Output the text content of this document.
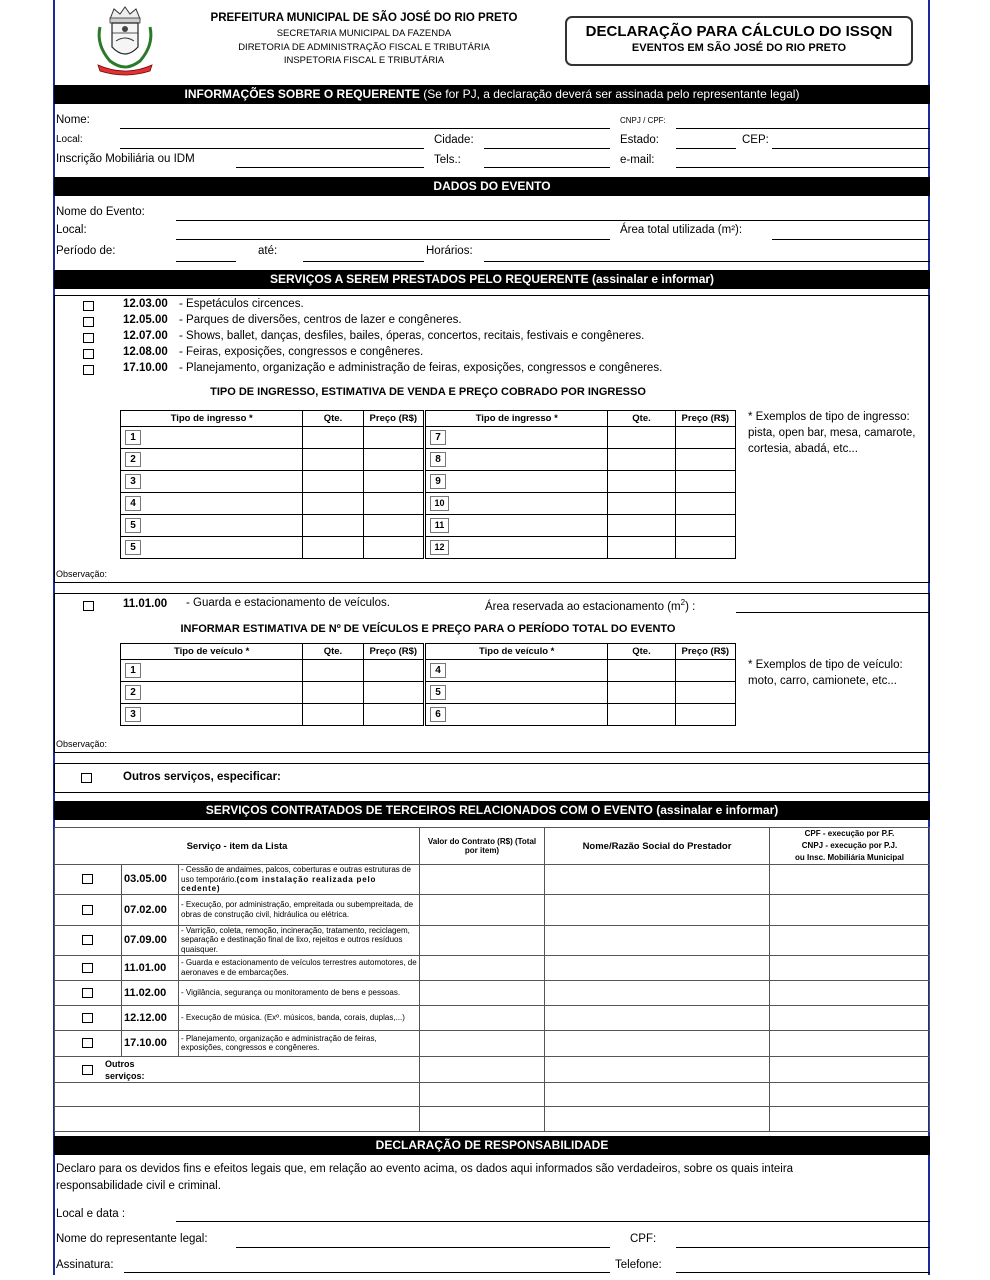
PREFEITURA MUNICIPAL DE SÃO JOSÉ DO RIO PRETO
SECRETARIA MUNICIPAL DA FAZENDA
DIRETORIA DE ADMINISTRAÇÃO FISCAL E TRIBUTÁRIA
INSPETORIA FISCAL E TRIBUTÁRIA
DECLARAÇÃO PARA CÁLCULO DO ISSQN
EVENTOS EM SÃO JOSÉ DO RIO PRETO
INFORMAÇÕES SOBRE O REQUERENTE (Se for PJ, a declaração deverá ser assinada pelo representante legal)
Nome:	CNPJ / CPF:
Local:	Cidade:	Estado:	CEP:
Inscrição Mobiliária ou IDM	Tels.:	e-mail:
DADOS DO EVENTO
Nome do Evento:
Local:	Área total utilizada (m²):
Período de:	até:	Horários:
SERVIÇOS A SEREM PRESTADOS PELO REQUERENTE (assinalar e informar)
12.03.00 - Espetáculos circences.
12.05.00 - Parques de diversões, centros de lazer e congêneres.
12.07.00 - Shows, ballet, danças, desfiles, bailes, óperas, concertos, recitais, festivais e congêneres.
12.08.00 - Feiras, exposições, congressos e congêneres.
17.10.00 - Planejamento, organização e administração de feiras, exposições, congressos e congêneres.
TIPO DE INGRESSO, ESTIMATIVA DE VENDA E PREÇO COBRADO POR INGRESSO
Tipo de ingresso *	Qte.	Preço (R$)
1		
2		
3		
4		
5		
5		
Tipo de ingresso *	Qte.	Preço (R$)
7		
8		
9		
10		
11		
12		
* Exemplos de tipo de ingresso: pista, open bar, mesa, camarote, cortesia, abadá, etc...
Observação:
11.01.00 - Guarda e estacionamento de veículos.	Área reservada ao estacionamento $(m^2)$ :
INFORMAR ESTIMATIVA DE Nº DE VEÍCULOS E PREÇO PARA O PERÍODO TOTAL DO EVENTO
Tipo de veículo *	Qte.	Preço (R$)
1		
2		
3		
Tipo de veículo *	Qte.	Preço (R$)
4		
5		
6		
* Exemplos de tipo de veículo: moto, carro, camionete, etc...
Observação:
Outros serviços, especificar:
SERVIÇOS CONTRATADOS DE TERCEIROS RELACIONADOS COM O EVENTO (assinalar e informar)
Serviço - item da Lista			Valor do Contrato (R$) (Total por item)	Nome/Razão Social do Prestador	CPF - execução por P.F.
CNPJ - execução por P.J.
ou Insc. Mobiliária Municipal

	03.05.00	- Cessão de andaimes, palcos, coberturas e outras estruturas de uso temporário.(com instalação realizada pelo cedente)			

	07.02.00	- Execução, por administração, empreitada ou subempreitada, de obras de construção civil, hidráulica ou elétrica.			

	07.09.00	- Varrição, coleta, remoção, incineração, tratamento, reciclagem, separação e destinação final de lixo, rejeitos e outros resíduos quaisquer.			

	11.01.00	- Guarda e estacionamento de veículos terrestres automotores, de aeronaves e de embarcações.			

	11.02.00	- Vigilância, segurança ou monitoramento de bens e pessoas.			

	12.12.00	- Execução de música. (Exº. músicos, banda, corais, duplas,...)			

	17.10.00	- Planejamento, organização e administração de feiras, exposições, congressos e congêneres.			

Outros serviços:					

DECLARAÇÃO DE RESPONSABILIDADE
Declaro para os devidos fins e efeitos legais que, em relação ao evento acima, os dados aqui informados são verdadeiros, sobre os quais inteira
responsabilidade civil e criminal.
Local e data :
Nome do representante legal:	CPF:
Assinatura:	Telefone:
